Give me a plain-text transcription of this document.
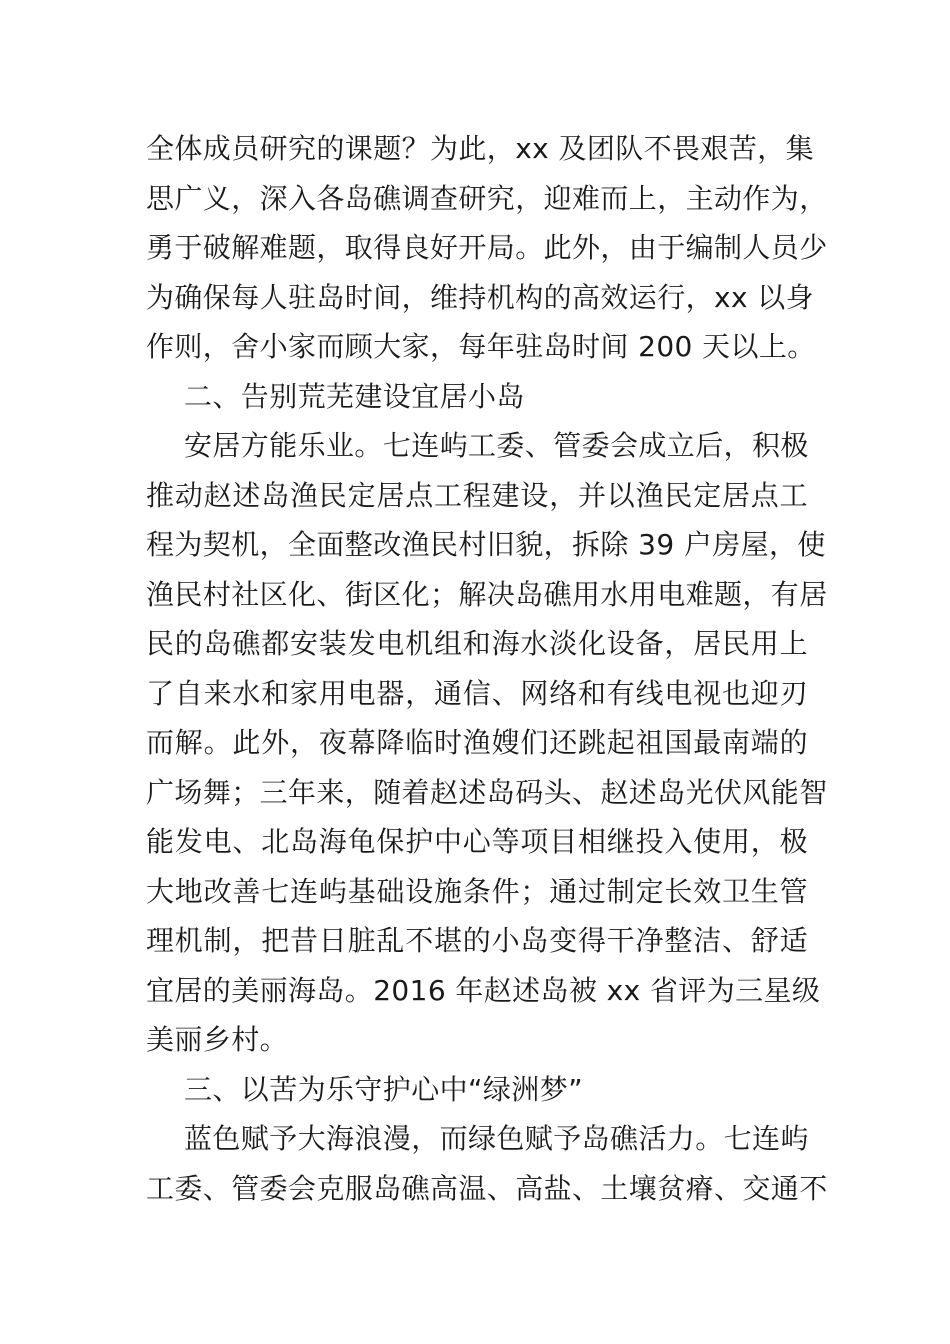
全体成员研究的课题？为此，xx 及团队不畏艰苦，集
思广义，深入各岛礁调查研究，迎难而上，主动作为，
勇于破解难题，取得良好开局。此外，由于编制人员少
为确保每人驻岛时间，维持机构的高效运行，xx 以身
作则，舍小家而顾大家，每年驻岛时间 200 天以上。
二、告别荒芜建设宜居小岛
安居方能乐业。七连屿工委、管委会成立后，积极
推动赵述岛渔民定居点工程建设，并以渔民定居点工
程为契机，全面整改渔民村旧貌，拆除 39 户房屋，使
渔民村社区化、街区化；解决岛礁用水用电难题，有居
民的岛礁都安装发电机组和海水淡化设备，居民用上
了自来水和家用电器，通信、网络和有线电视也迎刃
而解。此外，夜幕降临时渔嫂们还跳起祖国最南端的
广场舞；三年来，随着赵述岛码头、赵述岛光伏风能智
能发电、北岛海龟保护中心等项目相继投入使用，极
大地改善七连屿基础设施条件；通过制定长效卫生管
理机制，把昔日脏乱不堪的小岛变得干净整洁、舒适
宜居的美丽海岛。2016 年赵述岛被 xx 省评为三星级
美丽乡村。
三、以苦为乐守护心中“绿洲梦”
蓝色赋予大海浪漫，而绿色赋予岛礁活力。七连屿
工委、管委会克服岛礁高温、高盐、土壤贫瘠、交通不
